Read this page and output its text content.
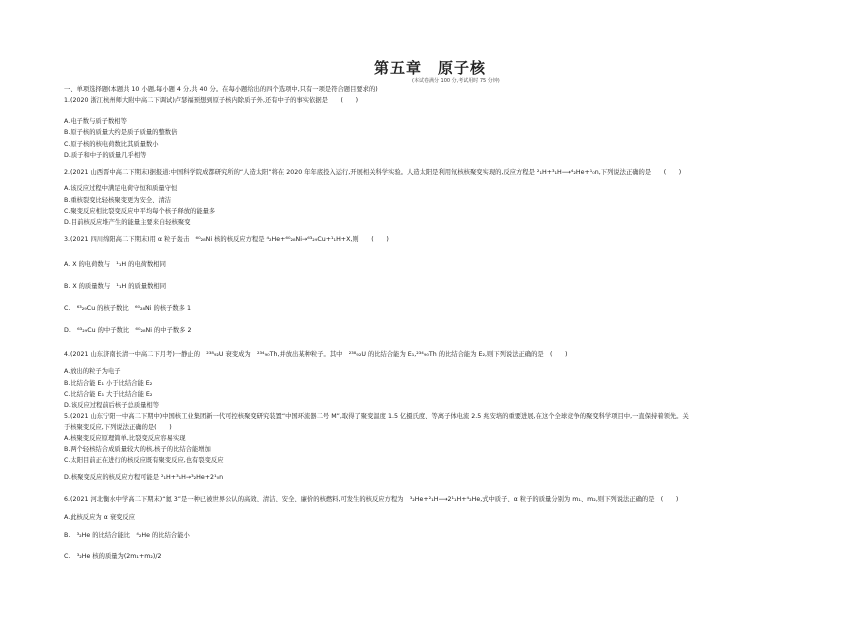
第五章　原子核
(本试卷满分 100 分,考试用时 75 分钟)
一、单项选择题(本题共 10 小题,每小题 4 分,共 40 分。在每小题给出的四个选项中,只有一项是符合题目要求的)
1.(2020 浙江杭州师大附中高二下调试)卢瑟福预想到原子核内除质子外,还有中子的事实依据是　　(　　)
A.电子数与质子数相等
B.原子核的质量大约是质子质量的整数倍
C.原子核的核电荷数比其质量数小
D.质子和中子的质量几乎相等
2.(2021 山西晋中高二下期末)据报道:中国科学院成都研究所的“人造太阳”将在 2020 年年底投入运行,开展相关科学实验。人造太阳是利用氘核核聚变实现的,反应方程是 ²₁H+³₁H⟶⁴₂He+¹₀n,下列说法正确的是　　(　　)
A.该反应过程中满足电荷守恒和质量守恒
B.重核裂变比轻核聚变更为安全、清洁
C.聚变反应相比裂变反应中平均每个核子释放的能量多
D.目前核反应堆产生的能量主要来自轻核聚变
3.(2021 四川绵阳高二下期末)用 α 粒子轰击　⁶⁰₂₈Ni 核的核反应方程是 ⁴₂He+⁶⁰₂₈Ni→⁶³₂₉Cu+¹₁H+X,则　　(　　)
A. X 的电荷数与　¹₁H 的电荷数相同
B. X 的质量数与　¹₁H 的质量数相同
C.　⁶³₂₉Cu 的核子数比　⁶⁰₂₈Ni 的核子数多 1
D.　⁶³₂₉Cu 的中子数比　⁶⁰₂₈Ni 的中子数多 2
4.(2021 山东济南长清一中高二下月考)一静止的　²³⁸₉₂U 衰变成为　²³⁴₉₀Th,并放出某种粒子。其中　²³⁸₉₂U 的比结合能为 E₁,²³⁴₉₀Th 的比结合能为 E₂,则下列说法正确的是　(　　)
A.放出的粒子为电子
B.比结合能 E₁ 小于比结合能 E₂
C.比结合能 E₁ 大于比结合能 E₂
D.该反应过程前后核子总质量相等
5.(2021 山东宁阳一中高二下期中)中国核工业集团新一代可控核聚变研究装置“中国环流器二号 M”,取得了聚变温度 1.5 亿摄氏度、等离子体电流 2.5 兆安培的重要进展,在这个全球竞争的聚变科学项目中,一直保持着领先。关
于核聚变反应,下列说法正确的是(　　)
A.核聚变反应原理简单,比裂变反应容易实现
B.两个轻核结合成质量较大的核,核子的比结合能增加
C.太阳目前正在进行的核反应既有聚变反应,也有裂变反应
D.核聚变反应的核反应方程可能是 ²₁H+³₁H→³₂He+2¹₀n
6.(2021 河北衡水中学高二下期末)“氦 3”是一种已被世界公认的高效、清洁、安全、廉价的核燃料,可发生的核反应方程为　³₂He+²₁H⟶2¹₁H+⁴₂He,式中质子、α 粒子的质量分别为 m₁、m₂,则下列说法正确的是　(　　)
A.此核反应为 α 衰变反应
B.　³₂He 的比结合能比　⁴₂He 的比结合能小
C.　³₂He 核的质量为(2m₁+m₂)/2
